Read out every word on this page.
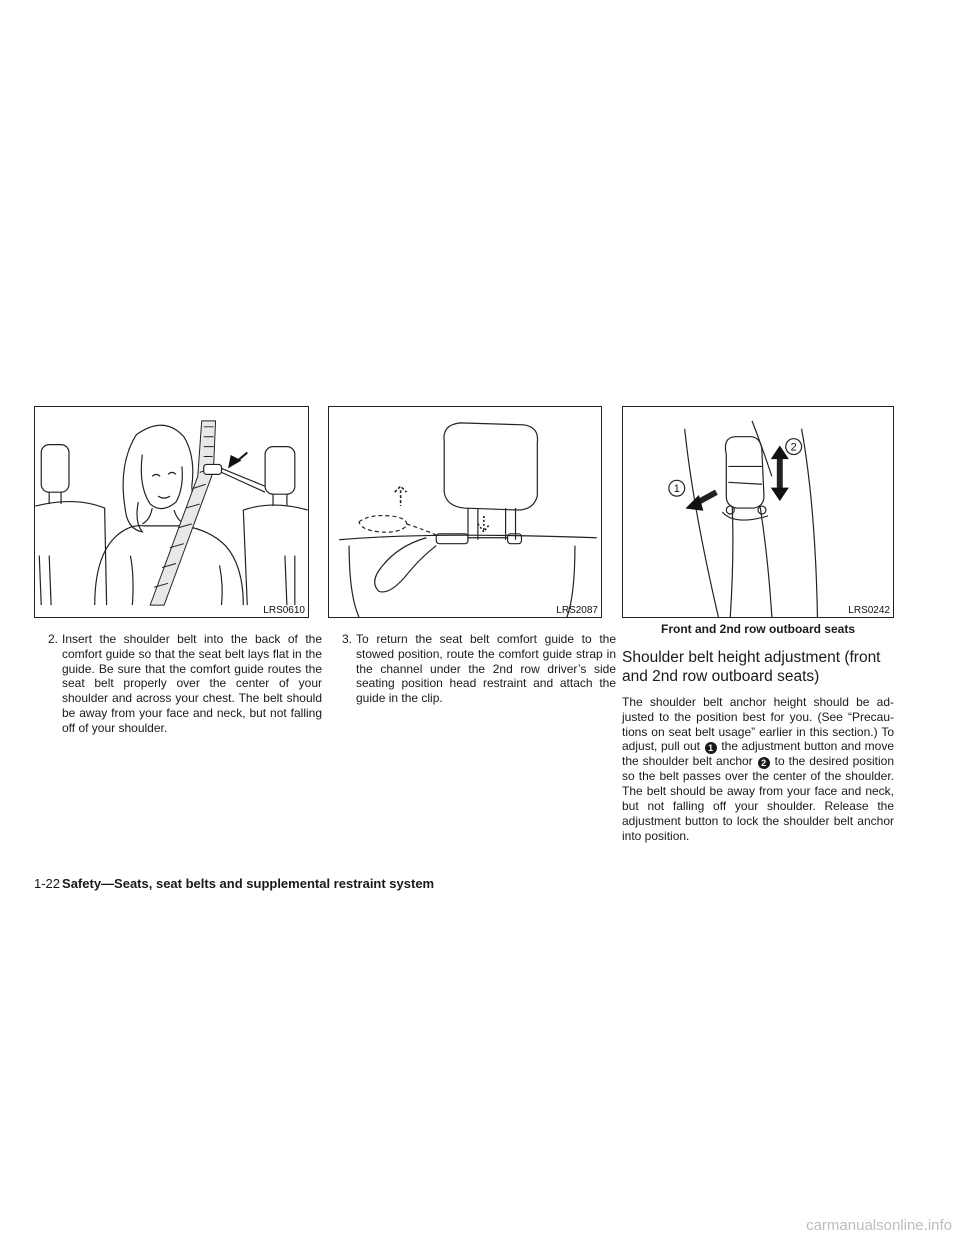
LRS0610	LRS2087
1
2
LRS0242
Front and 2nd row outboard seats

2. Insert the shoulder belt into the back of the comfort guide so that the seat belt lays flat in the guide. Be sure that the comfort guide routes the seat belt properly over the center of your shoulder and across your chest. The belt should be away from your face and neck, but not falling off of your shoulder.

3. To return the seat belt comfort guide to the stowed position, route the comfort guide strap in the channel under the 2nd row driver’s side seating position head restraint and attach the guide in the clip.

Shoulder belt height adjustment (front and 2nd row outboard seats)

The shoulder belt anchor height should be adjusted to the position best for you. (See “Precautions on seat belt usage” earlier in this section.) To adjust, pull out 1 the adjustment button and move the shoulder belt anchor 2 to the desired position so the belt passes over the center of the shoulder. The belt should be away from your face and neck, but not falling off your shoulder. Release the adjustment button to lock the shoulder belt anchor into position.

1-22 Safety—Seats, seat belts and supplemental restraint system
carmanualsonline.info
